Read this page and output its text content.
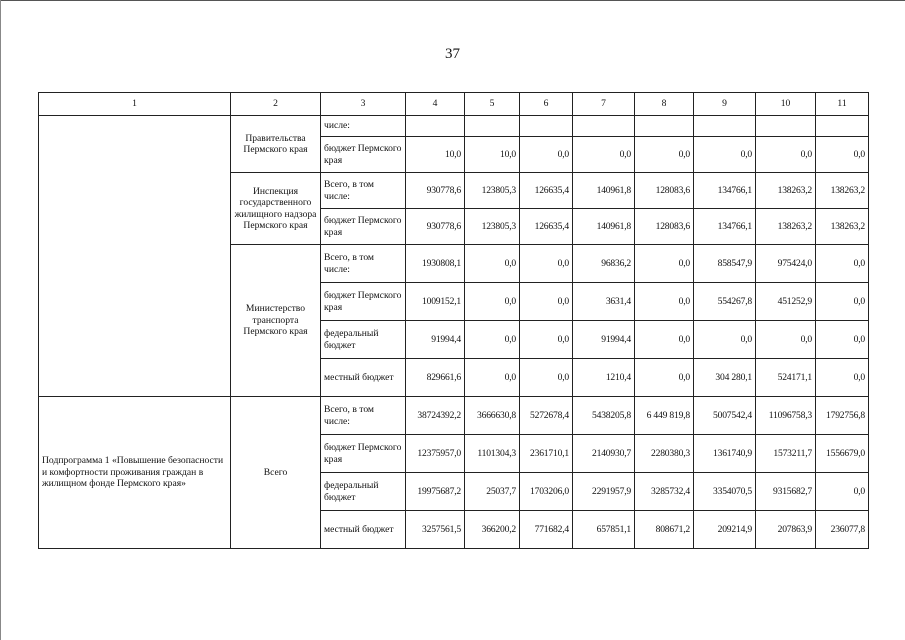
37
1	2	3	4	5	6	7	8	9	10	11
	Правительства Пермского края	числе:								
		бюджет Пермского края	10,0	10,0	0,0	0,0	0,0	0,0	0,0	0,0
	Инспекция государственного жилищного надзора Пермского края	Всего, в том числе:	930778,6	123805,3	126635,4	140961,8	128083,6	134766,1	138263,2	138263,2
		бюджет Пермского края	930778,6	123805,3	126635,4	140961,8	128083,6	134766,1	138263,2	138263,2
	Министерство транспорта Пермского края	Всего, в том числе:	1930808,1	0,0	0,0	96836,2	0,0	858547,9	975424,0	0,0
		бюджет Пермского края	1009152,1	0,0	0,0	3631,4	0,0	554267,8	451252,9	0,0
		федеральный бюджет	91994,4	0,0	0,0	91994,4	0,0	0,0	0,0	0,0
		местный бюджет	829661,6	0,0	0,0	1210,4	0,0	304 280,1	524171,1	0,0
Подпрограмма 1 «Повышение безопасности и комфортности проживания граждан в жилищном фонде Пермского края»	Всего	Всего, в том числе:	38724392,2	3666630,8	5272678,4	5438205,8	6 449 819,8	5007542,4	11096758,3	1792756,8
		бюджет Пермского края	12375957,0	1101304,3	2361710,1	2140930,7	2280380,3	1361740,9	1573211,7	1556679,0
		федеральный бюджет	19975687,2	25037,7	1703206,0	2291957,9	3285732,4	3354070,5	9315682,7	0,0
		местный бюджет	3257561,5	366200,2	771682,4	657851,1	808671,2	209214,9	207863,9	236077,8
